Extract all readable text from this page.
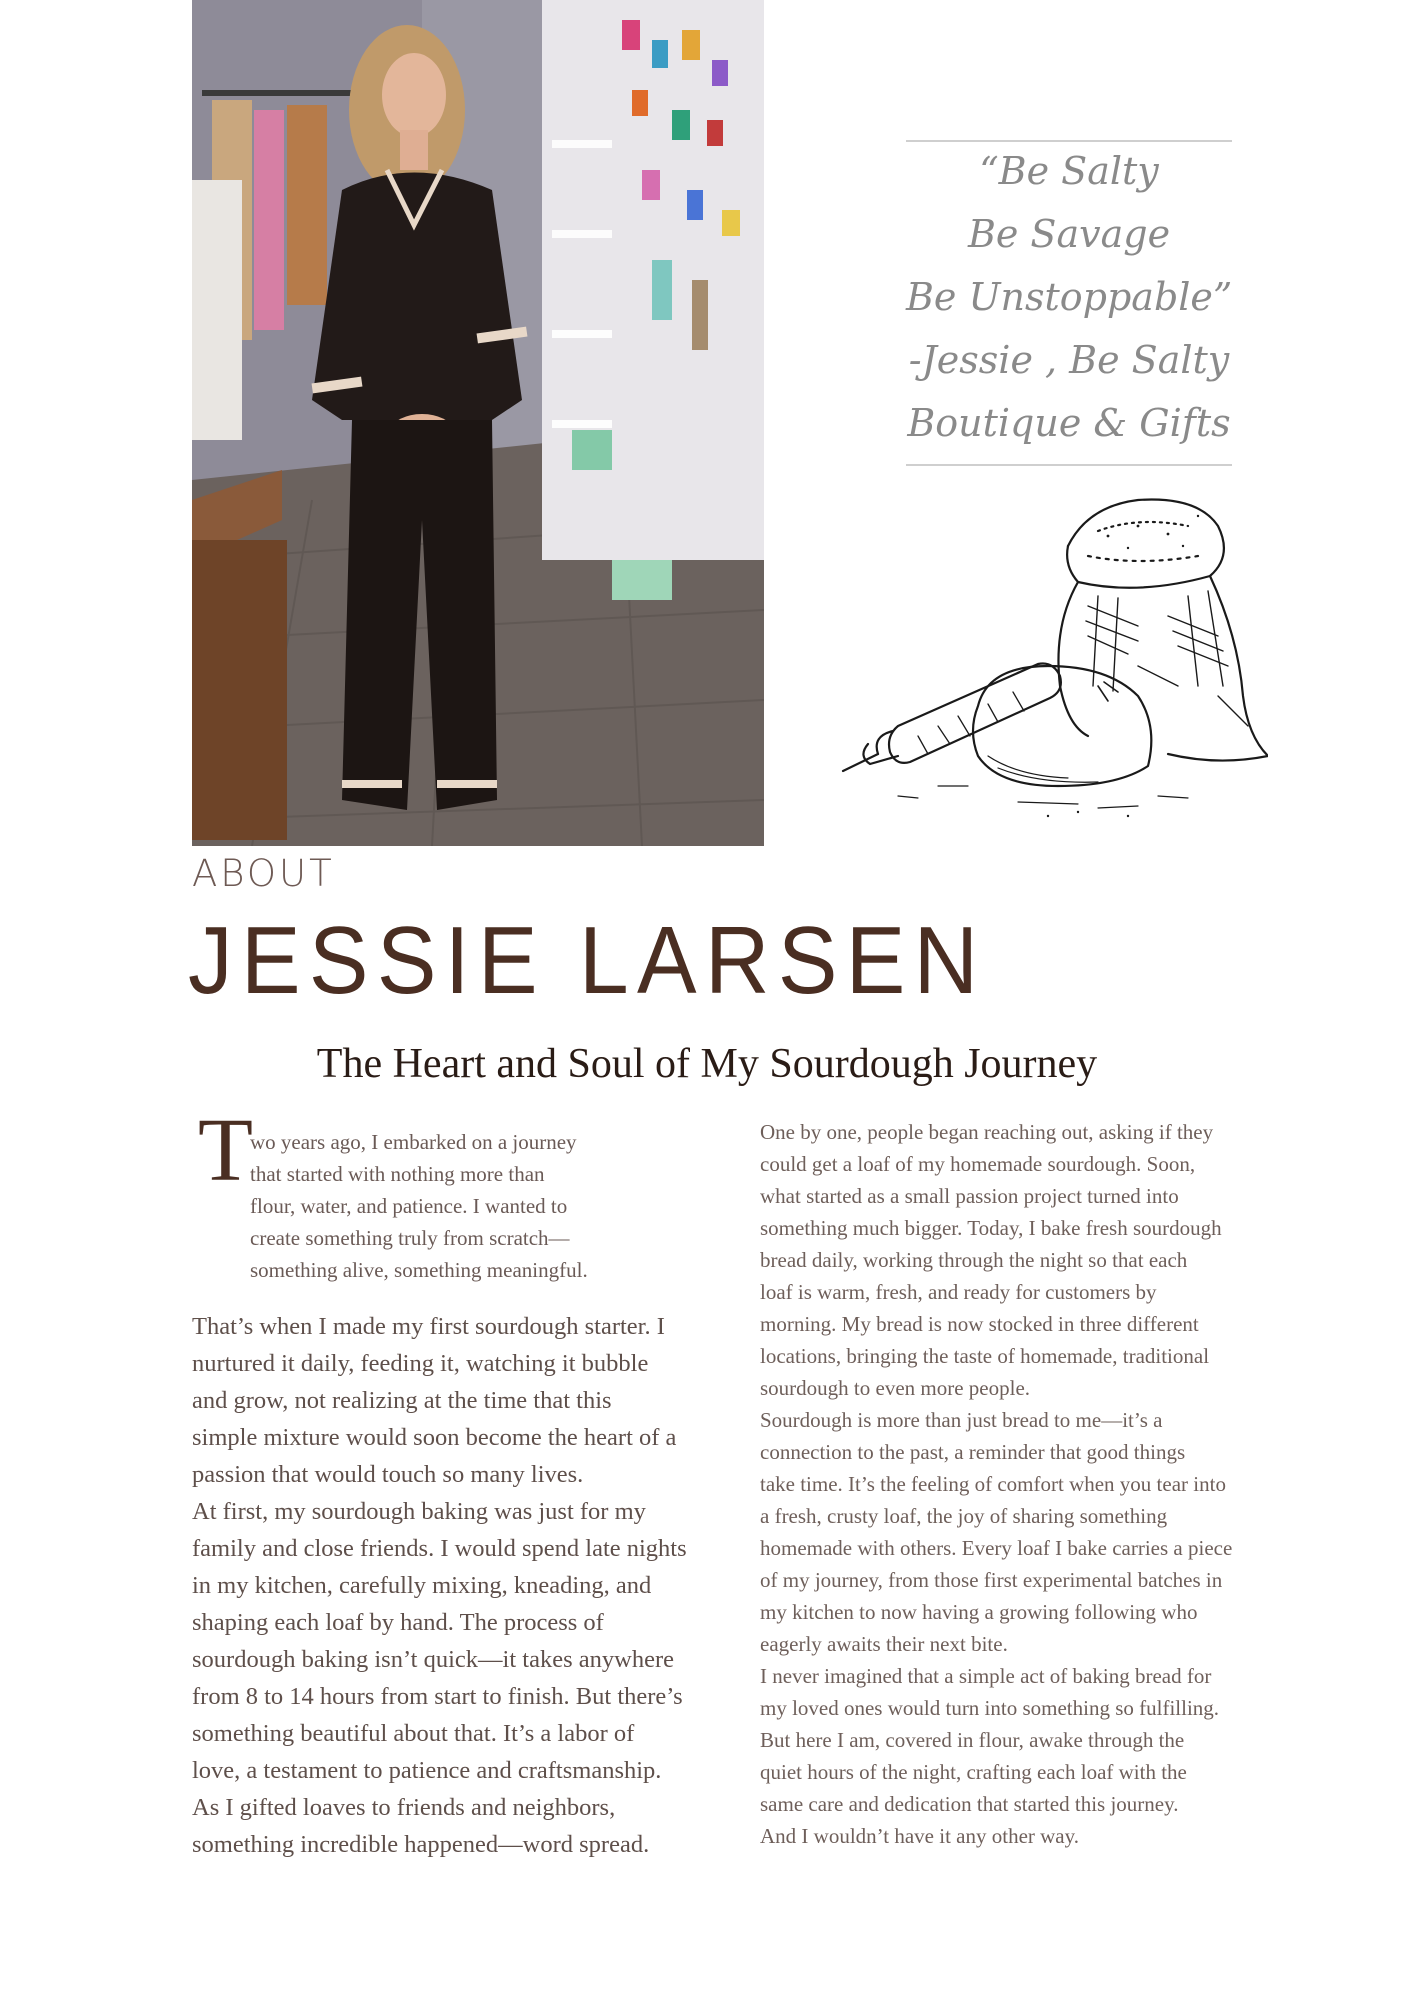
“Be Salty
Be Savage
Be Unstoppable”
-Jessie , Be Salty
Boutique & Gifts
ABOUT
JESSIE LARSEN
The Heart and Soul of My Sourdough Journey
T
wo years ago, I embarked on a journey
that started with nothing more than
flour, water, and patience. I wanted to
create something truly from scratch—
something alive, something meaningful.
That’s when I made my first sourdough starter. I
nurtured it daily, feeding it, watching it bubble
and grow, not realizing at the time that this
simple mixture would soon become the heart of a
passion that would touch so many lives.
At first, my sourdough baking was just for my
family and close friends. I would spend late nights
in my kitchen, carefully mixing, kneading, and
shaping each loaf by hand. The process of
sourdough baking isn’t quick—it takes anywhere
from 8 to 14 hours from start to finish. But there’s
something beautiful about that. It’s a labor of
love, a testament to patience and craftsmanship.
As I gifted loaves to friends and neighbors,
something incredible happened—word spread.
One by one, people began reaching out, asking if they
could get a loaf of my homemade sourdough. Soon,
what started as a small passion project turned into
something much bigger. Today, I bake fresh sourdough
bread daily, working through the night so that each
loaf is warm, fresh, and ready for customers by
morning. My bread is now stocked in three different
locations, bringing the taste of homemade, traditional
sourdough to even more people.
Sourdough is more than just bread to me—it’s a
connection to the past, a reminder that good things
take time. It’s the feeling of comfort when you tear into
a fresh, crusty loaf, the joy of sharing something
homemade with others. Every loaf I bake carries a piece
of my journey, from those first experimental batches in
my kitchen to now having a growing following who
eagerly awaits their next bite.
I never imagined that a simple act of baking bread for
my loved ones would turn into something so fulfilling.
But here I am, covered in flour, awake through the
quiet hours of the night, crafting each loaf with the
same care and dedication that started this journey.
And I wouldn’t have it any other way.
